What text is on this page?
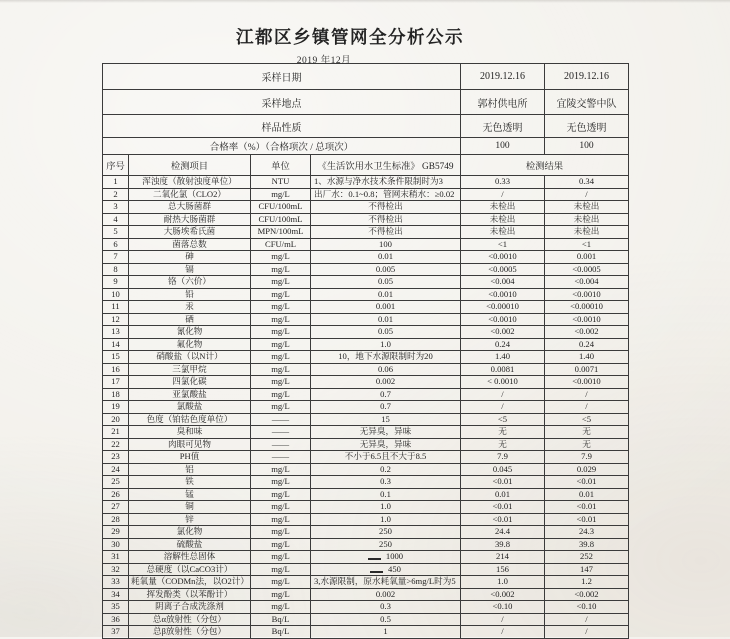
江都区乡镇管网全分析公示
2019 年12月
采样日期				2019.12.16	2019.12.16
采样地点				郭村供电所	宜陵交警中队
样品性质				无色透明	无色透明
合格率（%）（合格项次 / 总项次）				100	100
序号	检测项目	单位	《生活饮用水卫生标准》 GB5749	检测结果	
1	浑浊度（散射浊度单位）	NTU	1、水源与净水技术条件限制时为3	0.33	0.34
2	二氧化氯（CLO2）	mg/L	出厂水：0.1~0.8；管网末稍水：≥0.02	/	/
3	总大肠菌群	CFU/100mL	不得检出	未检出	未检出
4	耐热大肠菌群	CFU/100mL	不得检出	未检出	未检出
5	大肠埃希氏菌	MPN/100mL	不得检出	未检出	未检出
6	菌落总数	CFU/mL	100	<1	<1
7	砷	mg/L	0.01	<0.0010	0.001
8	镉	mg/L	0.005	<0.0005	<0.0005
9	铬（六价）	mg/L	0.05	<0.004	<0.004
10	铅	mg/L	0.01	<0.0010	<0.0010
11	汞	mg/L	0.001	<0.00010	<0.00010
12	硒	mg/L	0.01	<0.0010	<0.0010
13	氰化物	mg/L	0.05	<0.002	<0.002
14	氟化物	mg/L	1.0	0.24	0.24
15	硝酸盐（以N计）	mg/L	10，地下水源限制时为20	1.40	1.40
16	三氯甲烷	mg/L	0.06	0.0081	0.0071
17	四氯化碳	mg/L	0.002	< 0.0010	<0.0010
18	亚氯酸盐	mg/L	0.7	/	/
19	氯酸盐	mg/L	0.7	/	/
20	色度（铂钴色度单位）	——	15	<5	<5
21	臭和味	——	无异臭，异味	无	无
22	肉眼可见物	——	无异臭，异味	无	无
23	PH值	——	不小于6.5且不大于8.5	7.9	7.9
24	铝	mg/L	0.2	0.045	0.029
25	铁	mg/L	0.3	<0.01	<0.01
26	锰	mg/L	0.1	0.01	0.01
27	铜	mg/L	1.0	<0.01	<0.01
28	锌	mg/L	1.0	<0.01	<0.01
29	氯化物	mg/L	250	24.4	24.3
30	硫酸盐	mg/L	250	39.8	39.8
31	溶解性总固体	mg/L	1000	214	252
32	总硬度（以CaCO3计）	mg/L	450	156	147
33	耗氧量（CODMn法，以O2计）	mg/L	3,水源限制，原水耗氧量>6mg/L时为5	1.0	1.2
34	挥发酚类（以苯酚计）	mg/L	0.002	<0.002	<0.002
35	阴离子合成洗涤剂	mg/L	0.3	<0.10	<0.10
36	总α放射性（分包）	Bq/L	0.5	/	/
37	总β放射性（分包）	Bq/L	1	/	/
